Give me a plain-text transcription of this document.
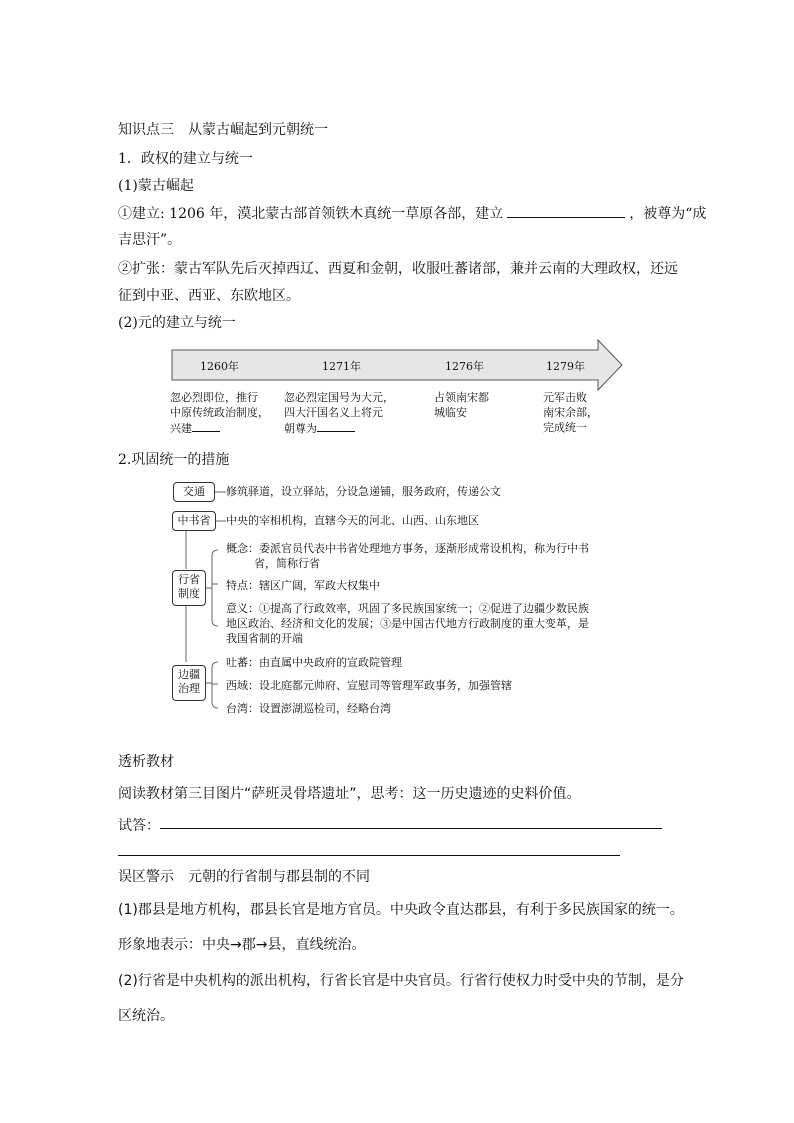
知识点三　从蒙古崛起到元朝统一
1．政权的建立与统一
(1)蒙古崛起
①建立: 1206 年，漠北蒙古部首领铁木真统一草原各部，建立	，被尊为“成
吉思汗”。
②扩张：蒙古军队先后灭掉西辽、西夏和金朝，收服吐蕃诸部，兼并云南的大理政权，还远
征到中亚、西亚、东欧地区。
(2)元的建立与统一
1260年	1271年	1276年	1279年
忽必烈即位，推行
中原传统政治制度，
兴建
忽必烈定国号为大元，
四大汗国名义上将元
朝尊为
占领南宋都
城临安
元军击败
南宋余部，
完成统一
2.巩固统一的措施
交通	修筑驿道，设立驿站，分设急递铺，服务政府，传递公文
中书省	中央的宰相机构，直辖今天的河北、山西、山东地区
行省
制度
概念：委派官员代表中书省处理地方事务，逐渐形成常设机构，称为行中书
省，简称行省
特点：辖区广阔，军政大权集中
意义：①提高了行政效率，巩固了多民族国家统一；②促进了边疆少数民族
地区政治、经济和文化的发展；③是中国古代地方行政制度的重大变革，是
我国省制的开端
边疆
治理
吐蕃：由直属中央政府的宣政院管理
西域：设北庭都元帅府、宣慰司等管理军政事务，加强管辖
台湾：设置澎湖巡检司，经略台湾
透析教材
阅读教材第三目图片“萨班灵骨塔遗址”，思考：这一历史遗迹的史料价值。
试答：
误区警示　元朝的行省制与郡县制的不同
(1)郡县是地方机构，郡县长官是地方官员。中央政令直达郡县，有利于多民族国家的统一。
形象地表示：中央→郡→县，直线统治。
(2)行省是中央机构的派出机构，行省长官是中央官员。行省行使权力时受中央的节制，是分
区统治。
